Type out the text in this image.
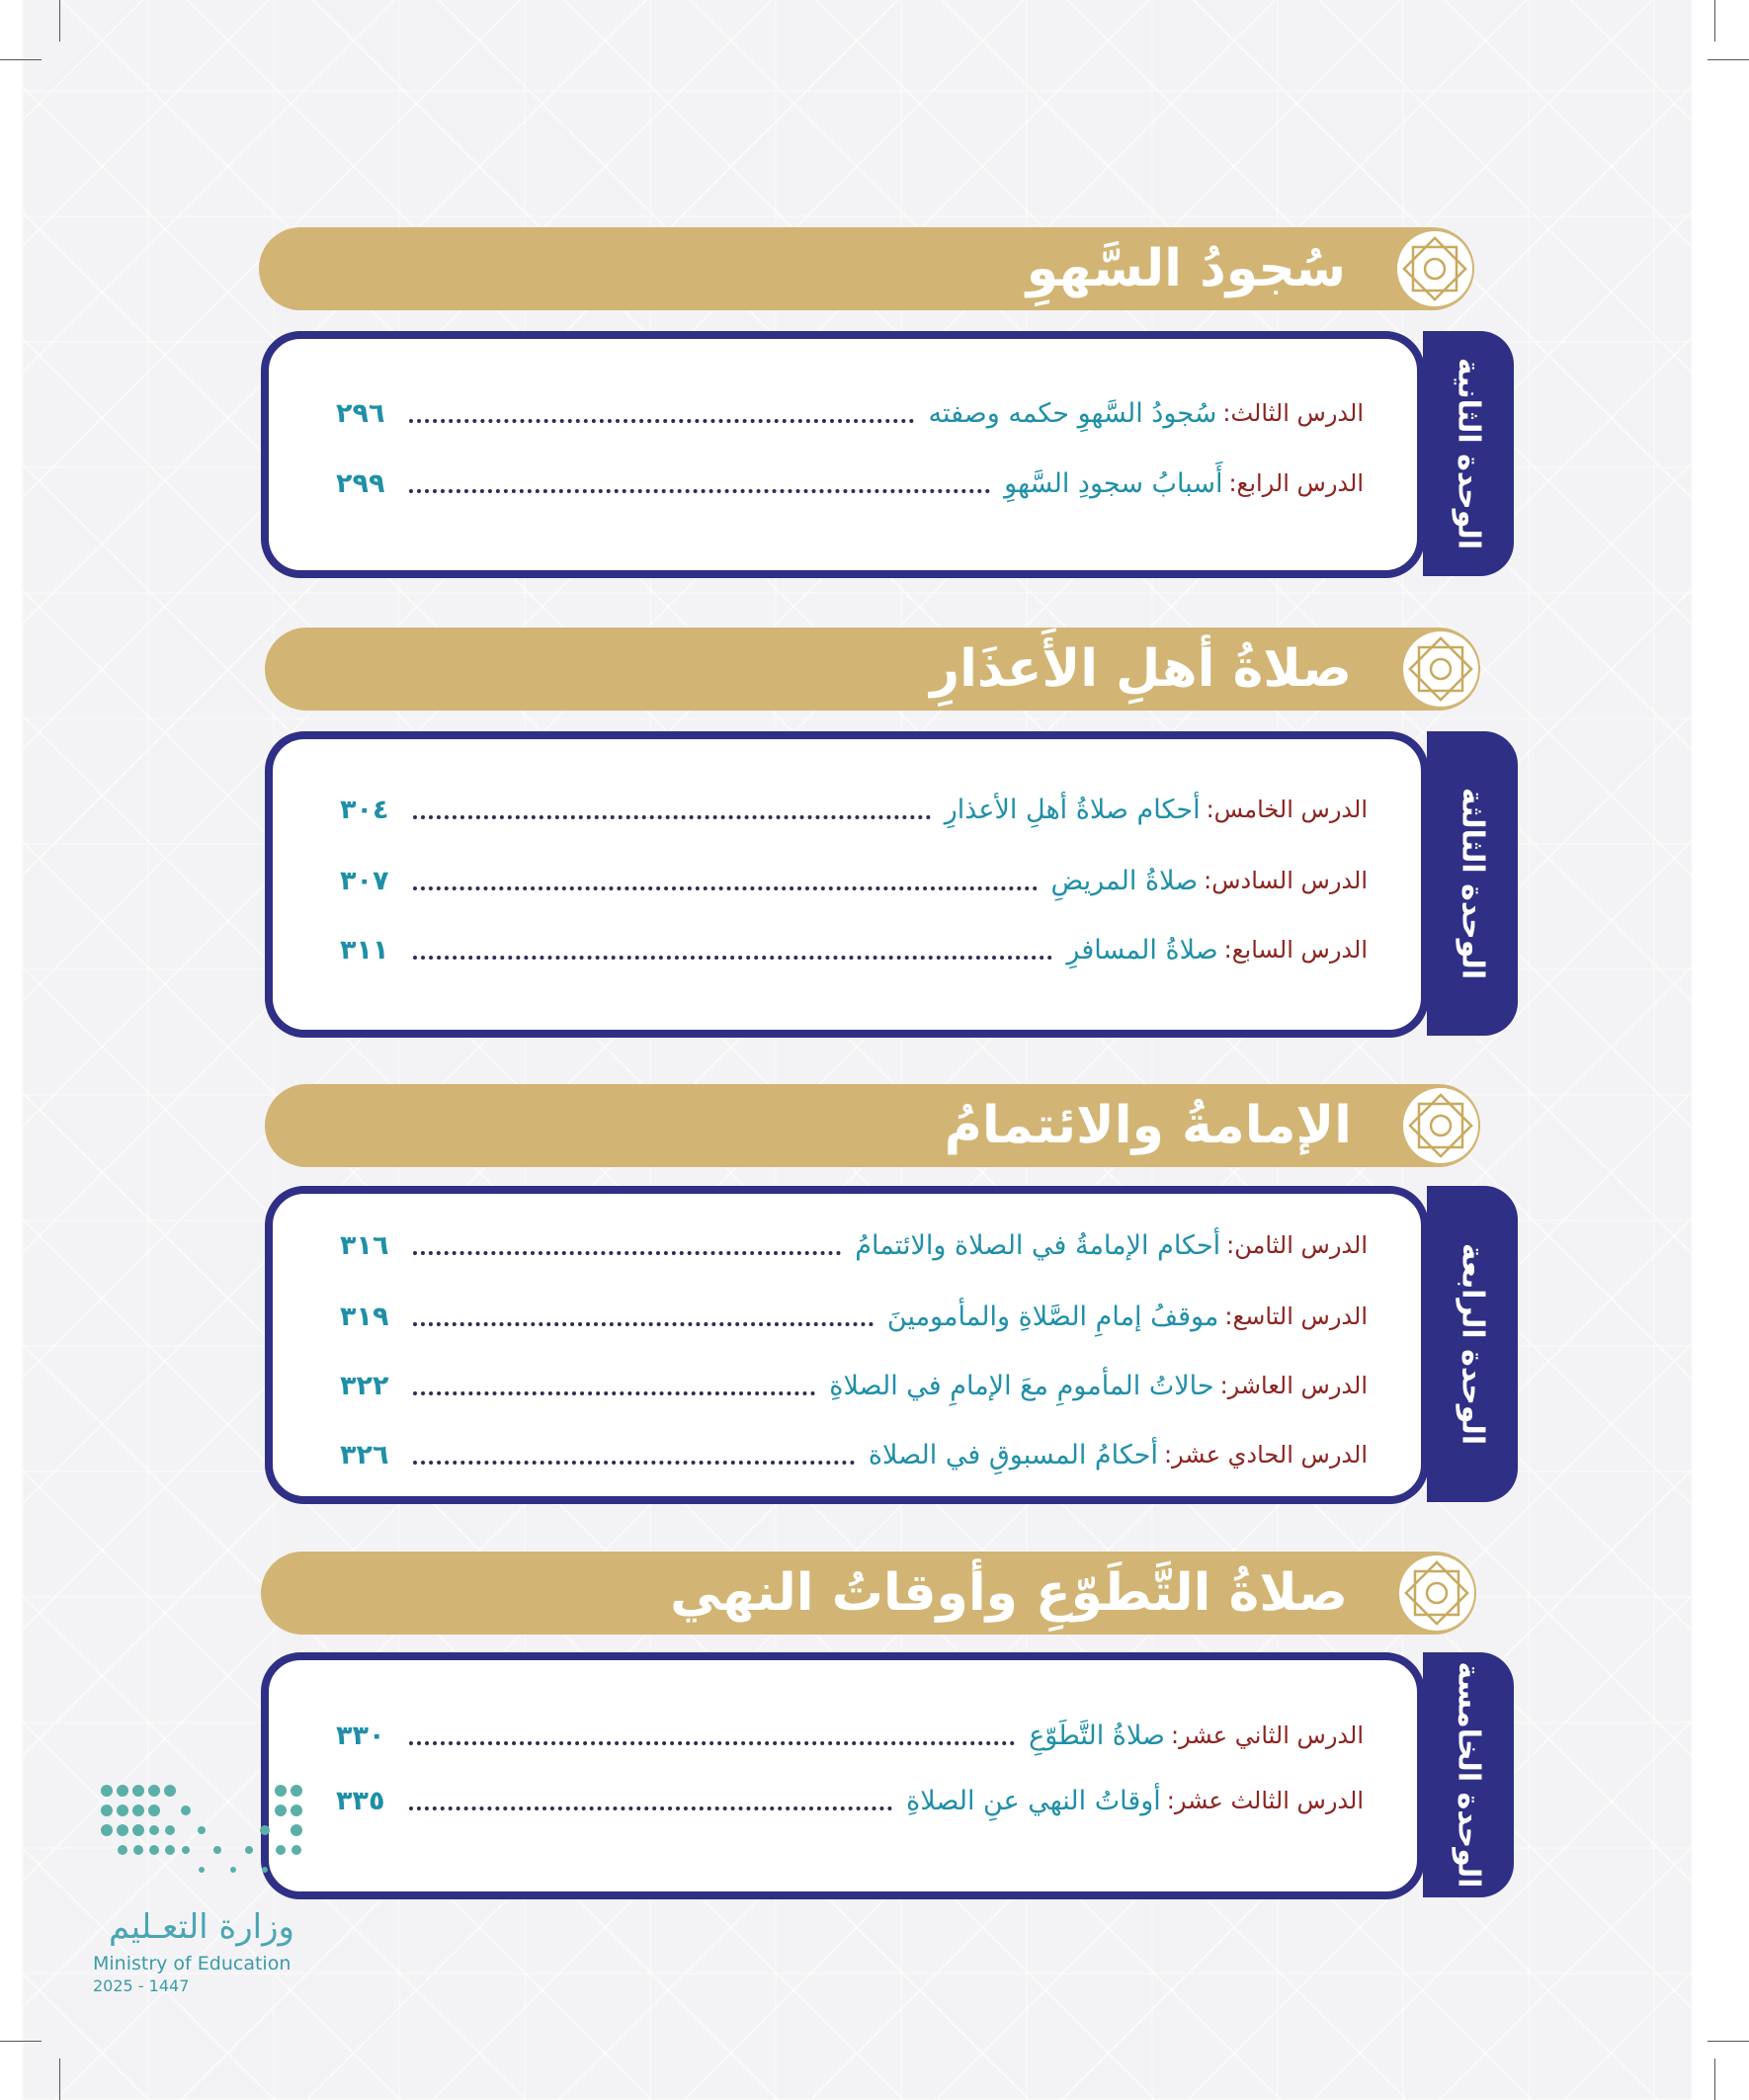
سُجودُ السَّهوِ
الوحدة الثانية
الدرس الثالث:
سُجودُ السَّهوِ حكمه وصفته
٢٩٦
الدرس الرابع:
أَسبابُ سجودِ السَّهوِ
٢٩٩
صلاةُ أهلِ الأَعذَارِ
الوحدة الثالثة
الدرس الخامس:
أحكام صلاةُ أهلِ الأعذارِ
٣٠٤
الدرس السادس:
صلاةُ المريضِ
٣٠٧
الدرس السابع:
صلاةُ المسافرِ
٣١١
الإمامةُ والائتمامُ
الوحدة الرابعة
الدرس الثامن:
أحكام الإمامةُ في الصلاة والائتمامُ
٣١٦
الدرس التاسع:
موقفُ إمامِ الصَّلاةِ والمأمومينَ
٣١٩
الدرس العاشر:
حالاتُ المأمومِ معَ الإمامِ في الصلاةِ
٣٢٢
الدرس الحادي عشر:
أحكامُ المسبوقِ في الصلاة
٣٢٦
صلاةُ التَّطَوّعِ وأوقاتُ النهي
الوحدة الخامسة
الدرس الثاني عشر:
صلاةُ التَّطَوّعِ
٣٣٠
الدرس الثالث عشر:
أوقاتُ النهي عنِ الصلاةِ
٣٣٥
وزارة التعـليم
Ministry of Education
2025 - 1447
